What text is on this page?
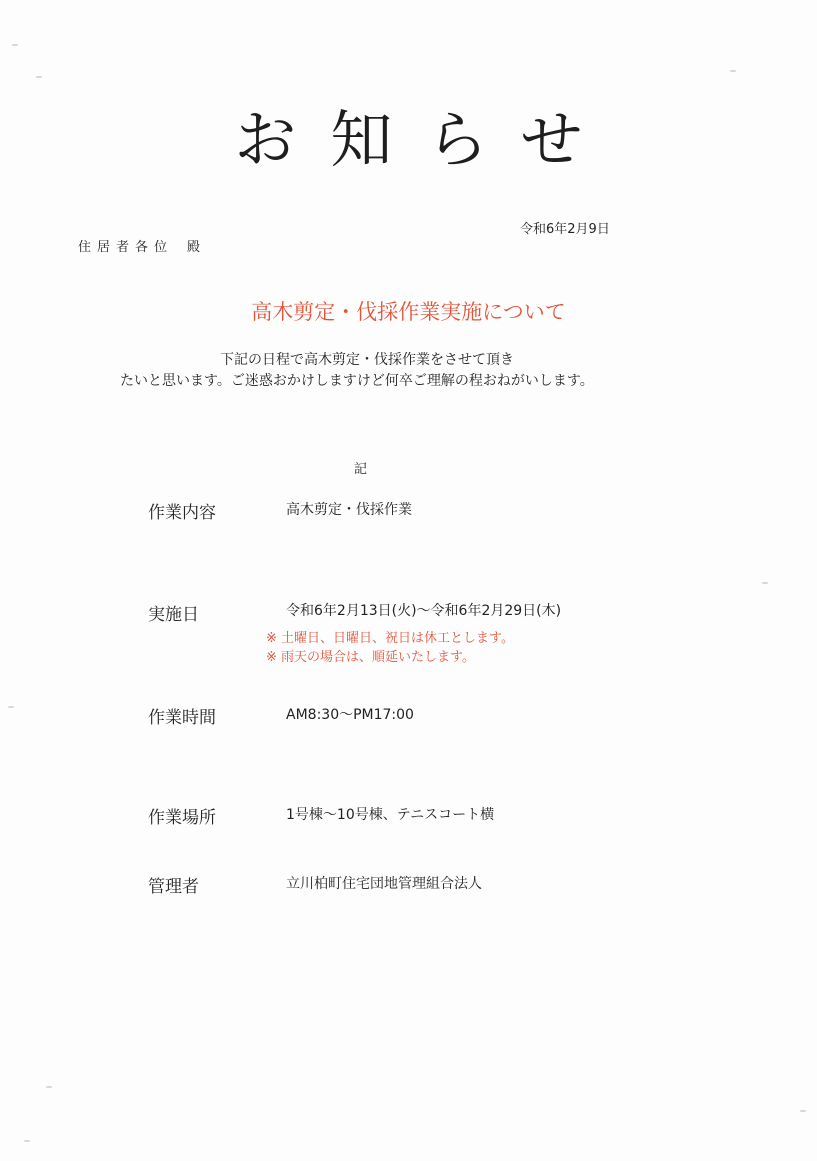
お知らせ
令和6年2月9日
住居者各位 殿
高木剪定・伐採作業実施について
下記の日程で高木剪定・伐採作業をさせて頂き
たいと思います。ご迷惑おかけしますけど何卒ご理解の程おねがいします。
記
作業内容	高木剪定・伐採作業
実施日	令和6年2月13日(火)～令和6年2月29日(木)
※ 土曜日、日曜日、祝日は休工とします。
※ 雨天の場合は、順延いたします。
作業時間	AM8:30～PM17:00
作業場所	1号棟～10号棟、テニスコート横
管理者	立川柏町住宅団地管理組合法人
